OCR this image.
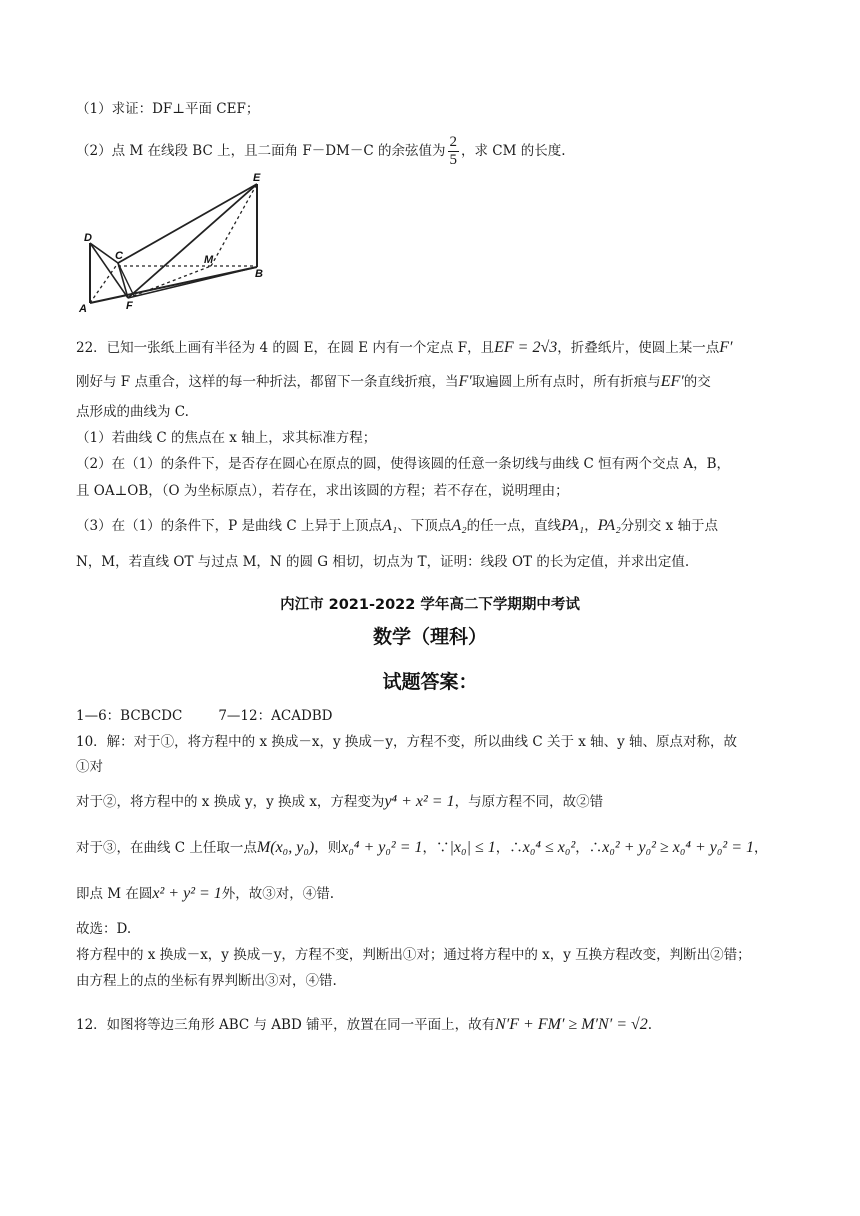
（1）求证：DF⊥平面 CEF；
（2）点 M 在线段 BC 上，且二面角 F－DM－C 的余弦值为 $\frac{2}{5}$ ，求 CM 的长度.
E
D
C	M
B
A	F
22．已知一张纸上画有半径为 4 的圆 E，在圆 E 内有一个定点 F，且EF = 2√3，折叠纸片，使圆上某一点F′
刚好与 F 点重合，这样的每一种折法，都留下一条直线折痕，当F′取遍圆上所有点时，所有折痕与EF′的交
点形成的曲线为 C.
（1）若曲线 C 的焦点在 x 轴上，求其标准方程；
（2）在（1）的条件下，是否存在圆心在原点的圆，使得该圆的任意一条切线与曲线 C 恒有两个交点 A，B，
且 OA⊥OB，（O 为坐标原点），若存在，求出该圆的方程；若不存在，说明理由；
（3）在（1）的条件下，P 是曲线 C 上异于上顶点A₁、下顶点A₂的任一点，直线PA₁，PA₂分别交 x 轴于点
N，M，若直线 OT 与过点 M，N 的圆 G 相切，切点为 T，证明：线段 OT 的长为定值，并求出定值.
内江市 2021-2022 学年高二下学期期中考试
数学（理科）
试题答案：
1—6：BCBCDC	7—12：ACADBD
10．解：对于①，将方程中的 x 换成－x，y 换成－y，方程不变，所以曲线 C 关于 x 轴、y 轴、原点对称，故
①对
对于②，将方程中的 x 换成 y，y 换成 x，方程变为y⁴ + x² = 1，与原方程不同，故②错
对于③，在曲线 C 上任取一点M(x₀, y₀)，则x₀⁴ + y₀² = 1，∵|x₀| ≤ 1，∴x₀⁴ ≤ x₀²，∴x₀² + y₀² ≥ x₀⁴ + y₀² = 1，
即点 M 在圆x² + y² = 1外，故③对，④错.
故选：D.
将方程中的 x 换成－x，y 换成－y，方程不变，判断出①对；通过将方程中的 x，y 互换方程改变，判断出②错；
由方程上的点的坐标有界判断出③对，④错.
12．如图将等边三角形 ABC 与 ABD 铺平，放置在同一平面上，故有N′F + FM′ ≥ M′N′ = √2.
